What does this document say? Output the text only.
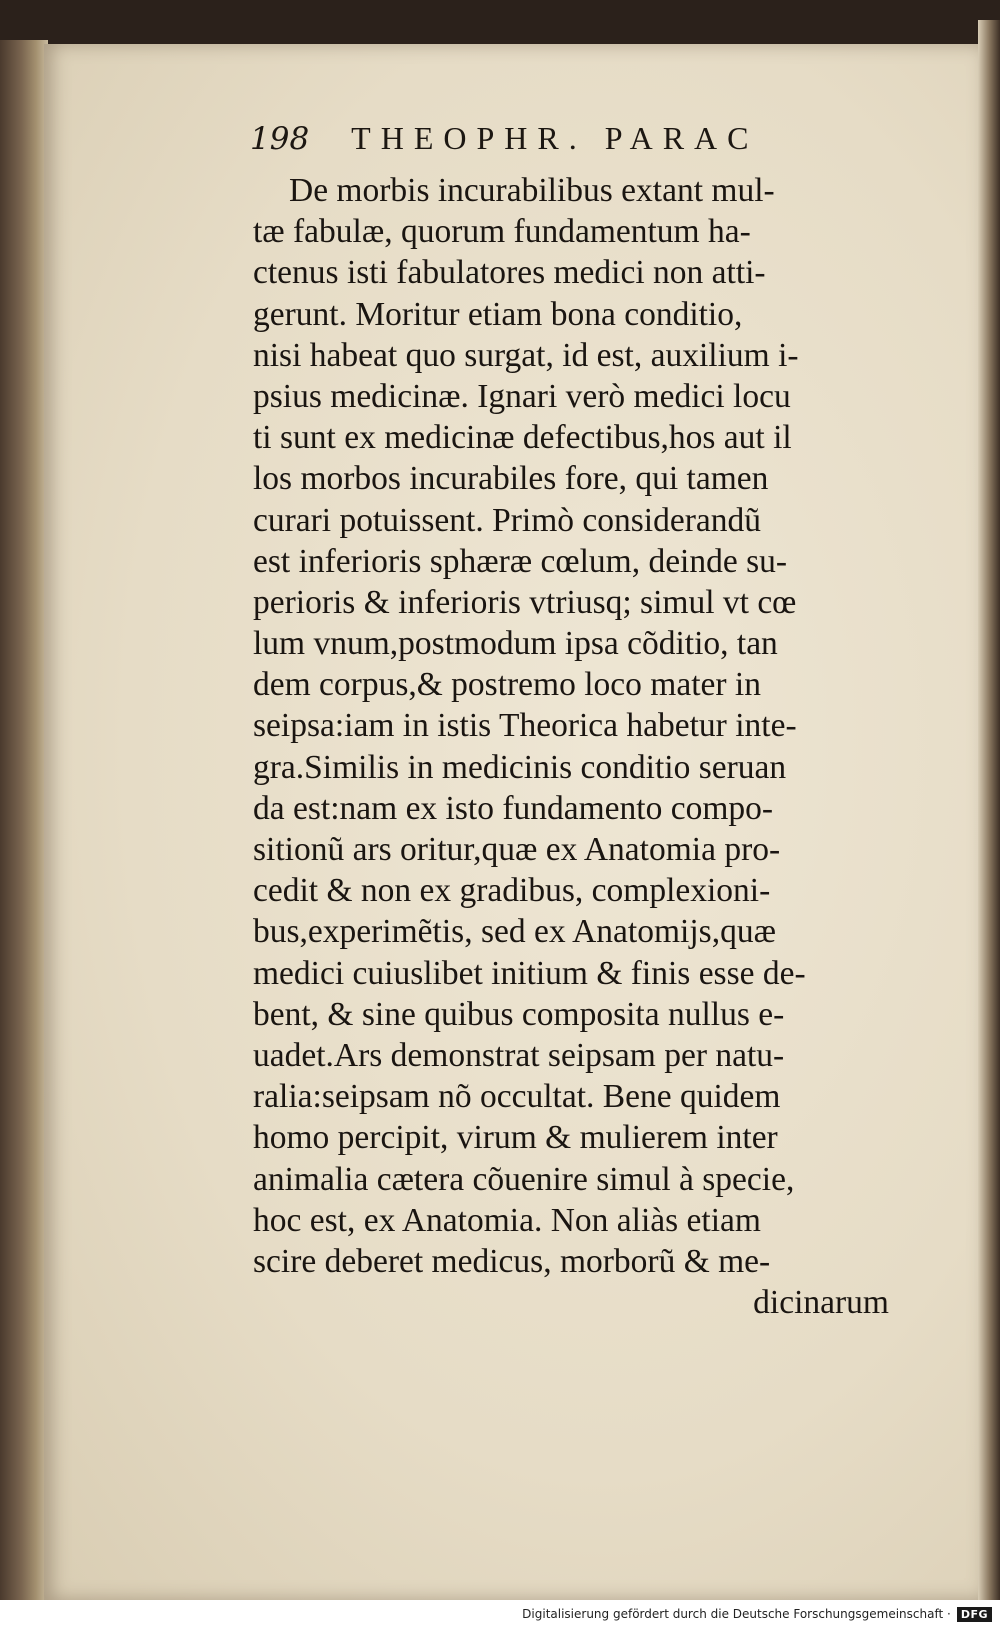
198 THEOPHR. PARAC
De morbis incurabilibus extant mul-
tæ fabulæ, quorum fundamentum ha-
ctenus isti fabulatores medici non atti-
gerunt. Moritur etiam bona conditio,
nisi habeat quo surgat, id est, auxilium i-
psius medicinæ. Ignari verò medici locu
ti sunt ex medicinæ defectibus,hos aut il
los morbos incurabiles fore, qui tamen
curari potuissent. Primò considerandũ
est inferioris sphæræ cœlum, deinde su-
perioris & inferioris vtriusq; simul vt cœ
lum vnum,postmodum ipsa cõditio, tan
dem corpus,& postremo loco mater in
seipsa:iam in istis Theorica habetur inte-
gra.Similis in medicinis conditio seruan
da est:nam ex isto fundamento compo-
sitionũ ars oritur,quæ ex Anatomia pro-
cedit & non ex gradibus, complexioni-
bus,experimẽtis, sed ex Anatomijs,quæ
medici cuiuslibet initium & finis esse de-
bent, & sine quibus composita nullus e-
uadet.Ars demonstrat seipsam per natu-
ralia:seipsam nõ occultat. Bene quidem
homo percipit, virum & mulierem inter
animalia cætera cõuenire simul à specie,
hoc est, ex Anatomia. Non aliàs etiam
scire deberet medicus, morborũ & me-
dicinarum
Digitalisierung gefördert durch die Deutsche Forschungsgemeinschaft · DFG
